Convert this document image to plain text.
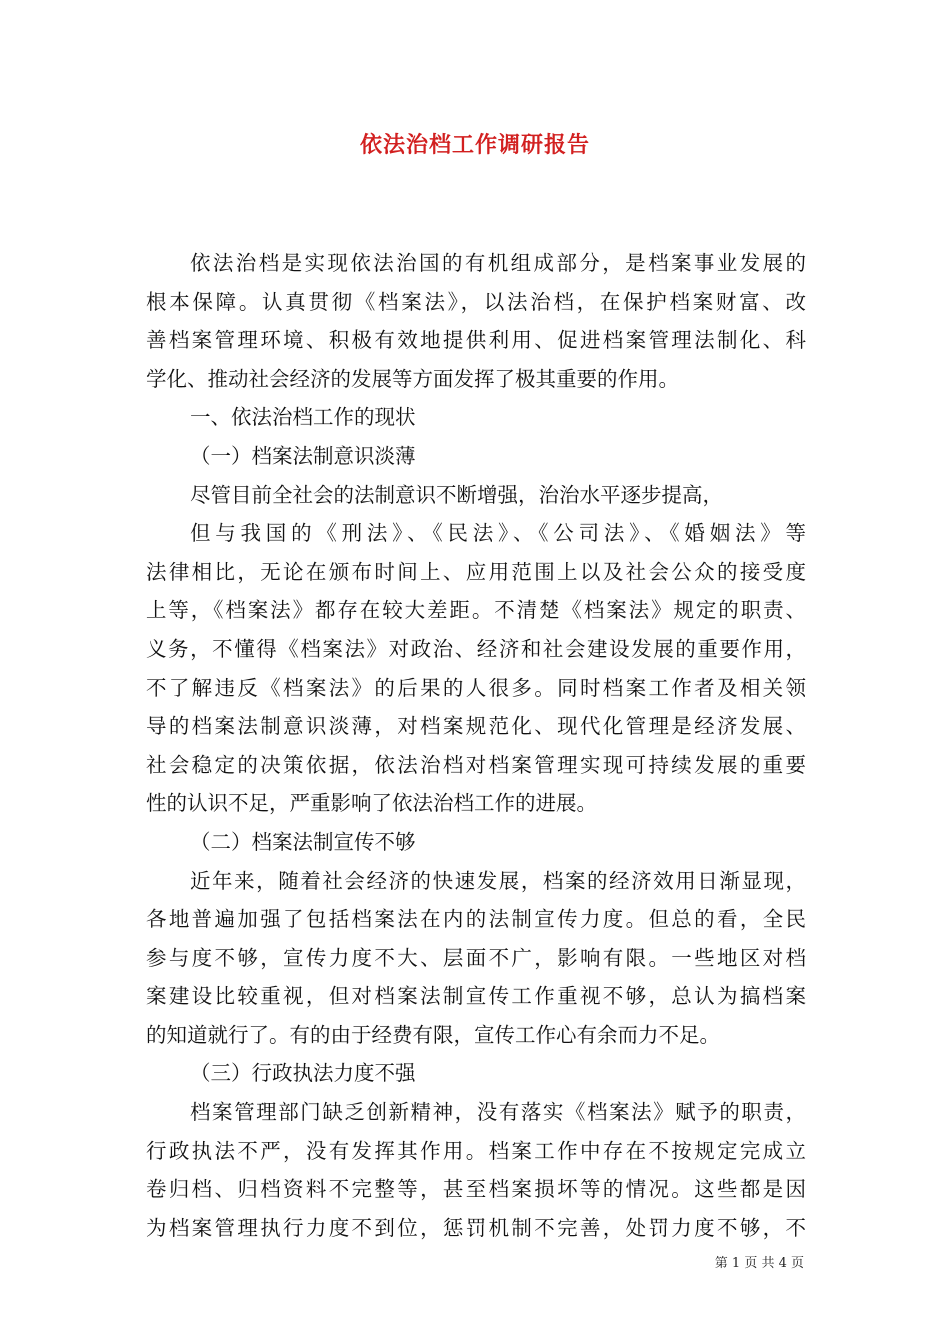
依法治档工作调研报告
依法治档是实现依法治国的有机组成部分，是档案事业发展的
根本保障。认真贯彻《档案法》，以法治档，在保护档案财富、改
善档案管理环境、积极有效地提供利用、促进档案管理法制化、科
学化、推动社会经济的发展等方面发挥了极其重要的作用。
一、依法治档工作的现状
（一）档案法制意识淡薄
尽管目前全社会的法制意识不断增强，治治水平逐步提高，
但与我国的《刑法》、《民法》、《公司法》、《婚姻法》等
法律相比，无论在颁布时间上、应用范围上以及社会公众的接受度
上等，《档案法》都存在较大差距。不清楚《档案法》规定的职责、
义务，不懂得《档案法》对政治、经济和社会建设发展的重要作用，
不了解违反《档案法》的后果的人很多。同时档案工作者及相关领
导的档案法制意识淡薄，对档案规范化、现代化管理是经济发展、
社会稳定的决策依据，依法治档对档案管理实现可持续发展的重要
性的认识不足，严重影响了依法治档工作的进展。
（二）档案法制宣传不够
近年来，随着社会经济的快速发展，档案的经济效用日渐显现，
各地普遍加强了包括档案法在内的法制宣传力度。但总的看，全民
参与度不够，宣传力度不大、层面不广，影响有限。一些地区对档
案建设比较重视，但对档案法制宣传工作重视不够，总认为搞档案
的知道就行了。有的由于经费有限，宣传工作心有余而力不足。
（三）行政执法力度不强
档案管理部门缺乏创新精神，没有落实《档案法》赋予的职责，
行政执法不严，没有发挥其作用。档案工作中存在不按规定完成立
卷归档、归档资料不完整等，甚至档案损坏等的情况。这些都是因
为档案管理执行力度不到位，惩罚机制不完善，处罚力度不够，不
第 1 页 共 4 页
